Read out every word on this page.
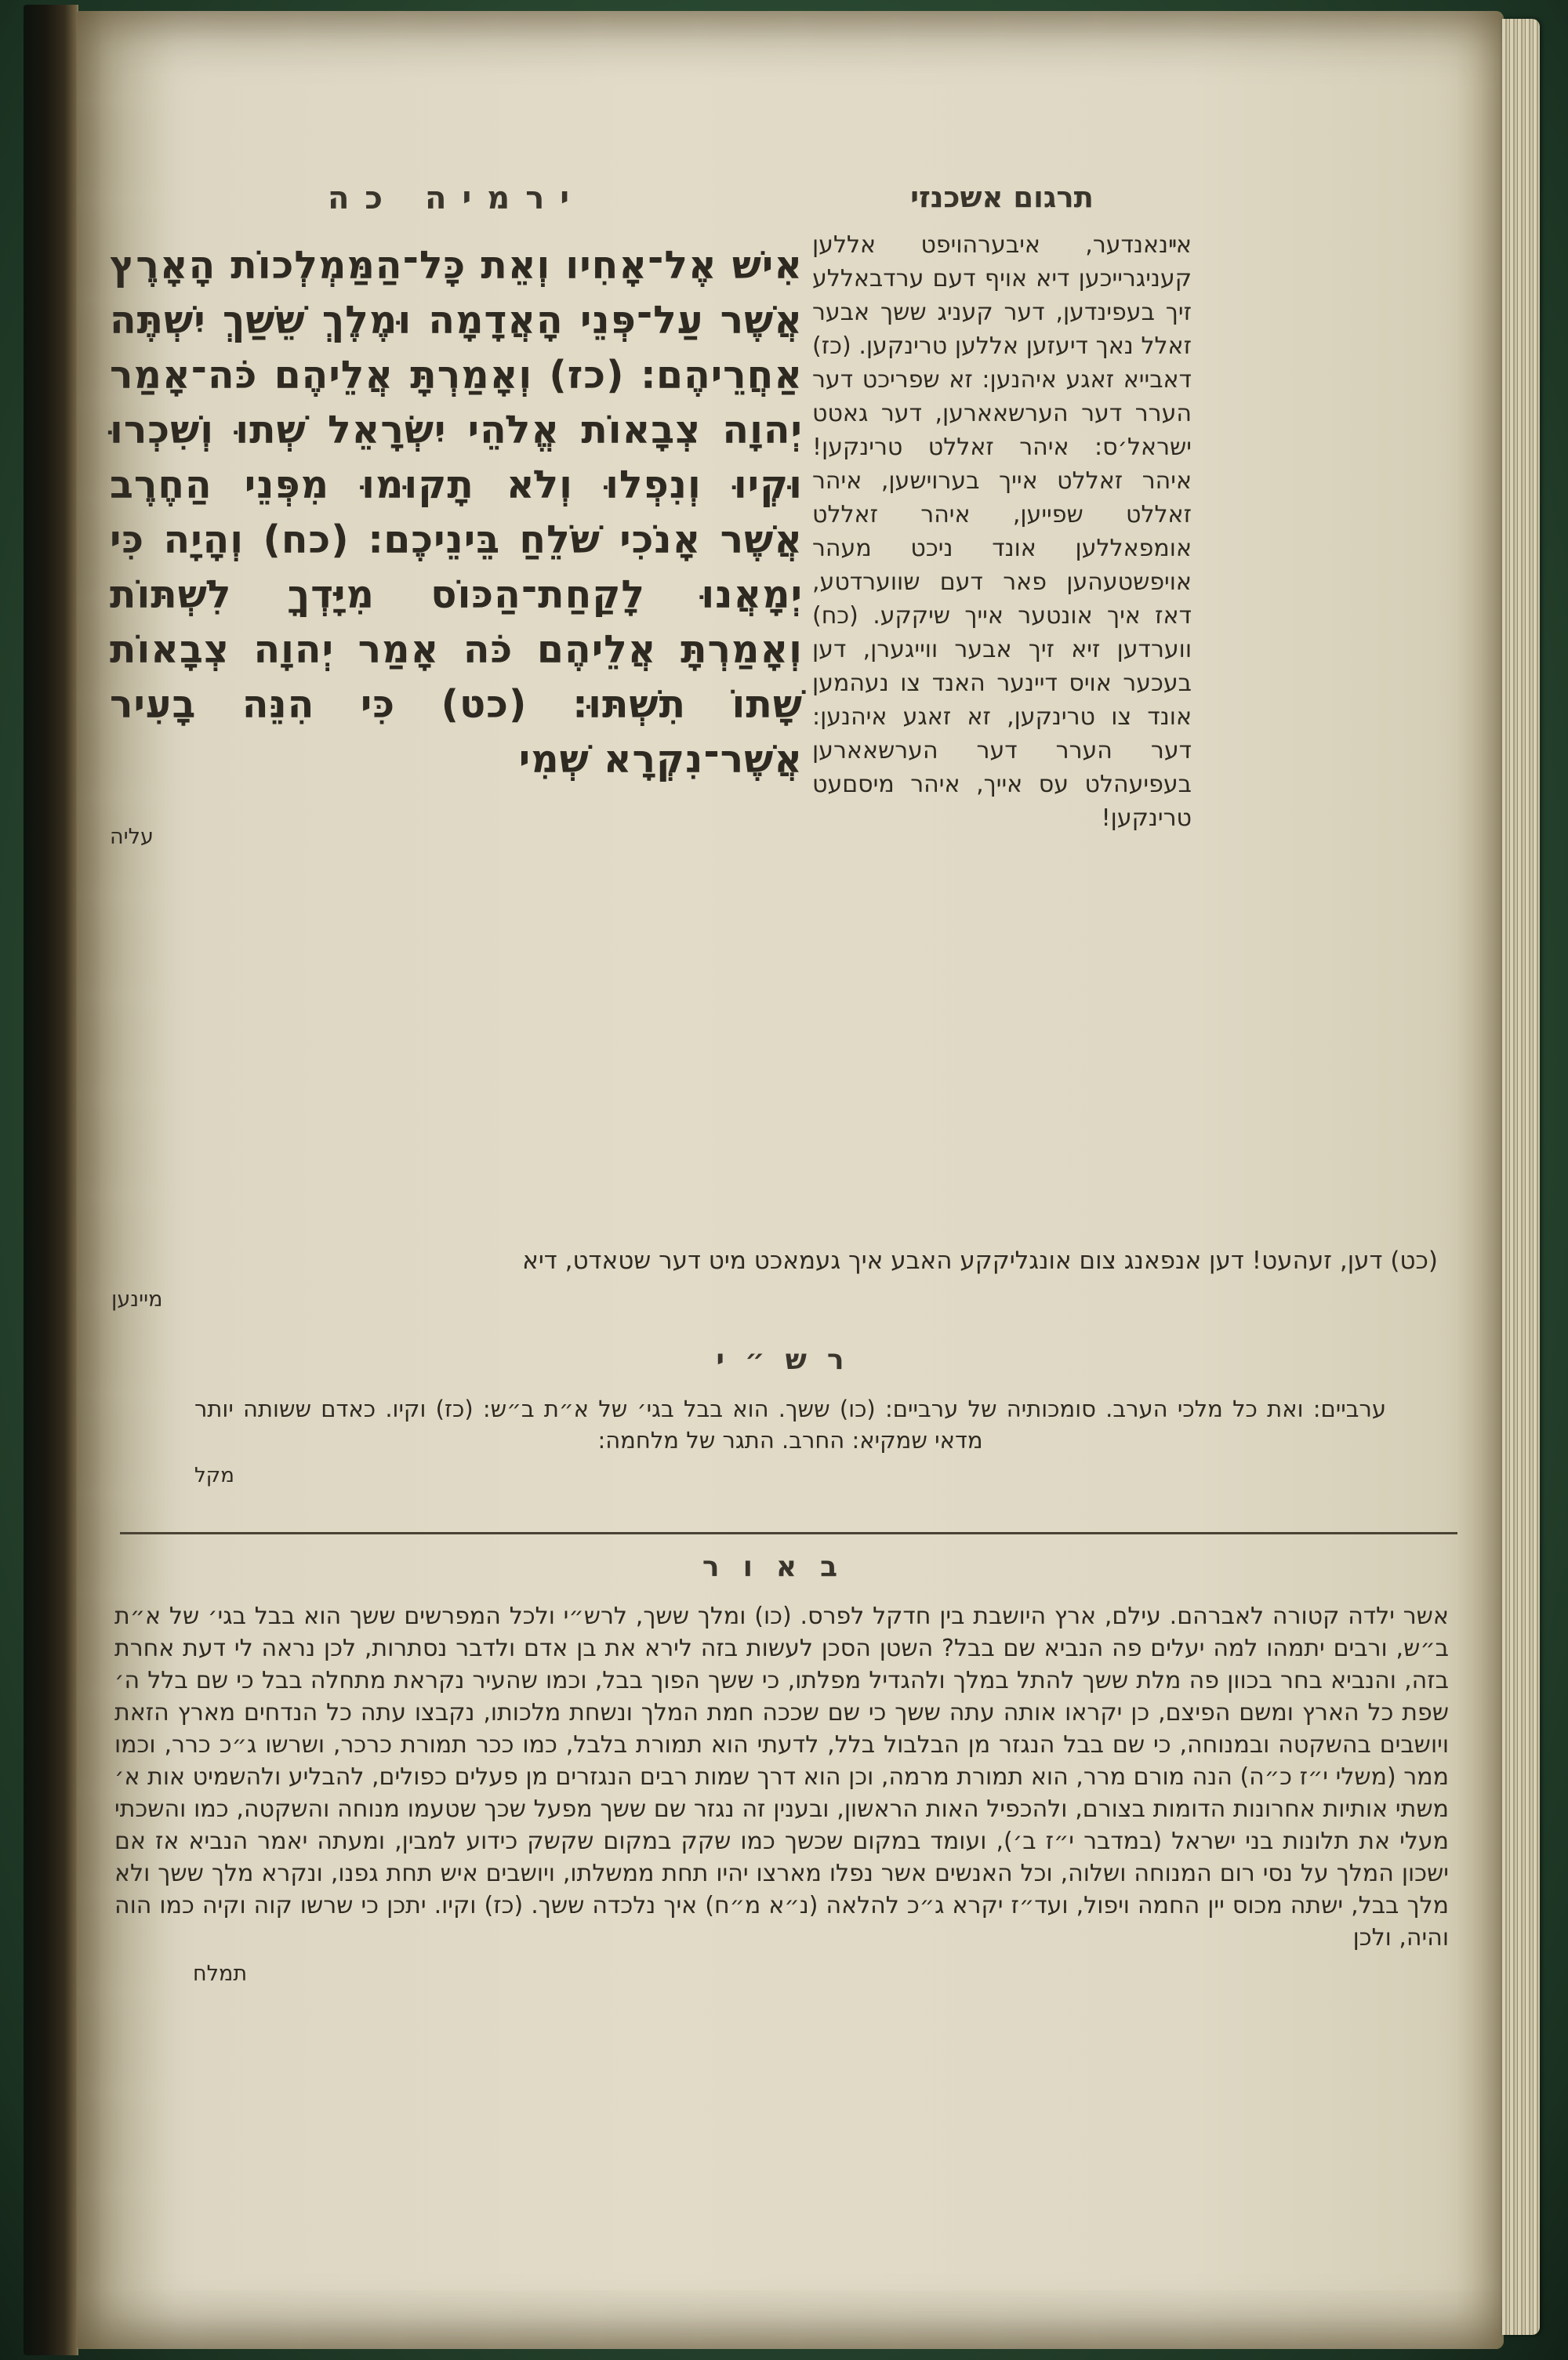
ירמיה כה
אִישׁ אֶל־אָחִיו וְאֵת כָּל־הַמַּמְלְכוֹת הָאָרֶץ אֲשֶׁר עַל־פְּנֵי הָאֲדָמָה וּמֶלֶךְ שֵׁשַׁךְ יִשְׁתֶּה אַחֲרֵיהֶם׃ (כז) וְאָמַרְתָּ אֲלֵיהֶם כֹּה־אָמַר יְהוָה צְבָאוֹת אֱלֹהֵי יִשְׂרָאֵל שְׁתוּ וְשִׁכְרוּ וּקְיוּ וְנִפְלוּ וְלֹא תָקוּמוּ מִפְּנֵי הַחֶרֶב אֲשֶׁר אָנֹכִי שֹׁלֵחַ בֵּינֵיכֶם׃ (כח) וְהָיָה כִּי יְמָאֲנוּ לָקַחַת־הַכּוֹס מִיָּדְךָ לִשְׁתּוֹת וְאָמַרְתָּ אֲלֵיהֶם כֹּה אָמַר יְהוָה צְבָאוֹת שָׁתוֹ תִשְׁתּוּ׃ (כט) כִּי הִנֵּה בָעִיר אֲשֶׁר־נִקְרָא שְׁמִי
עליה
תרגום אשכנזי
אײנאנדער, איבערהויפט אללען קעניגרייכען דיא אויף דעם ערדבאללע זיך בעפינדען, דער קעניג ששך אבער זאלל נאך דיעזען אללען טרינקען. (כז) דאבייא זאגע איהנען: זא שפריכט דער הערר דער הערשאארען, דער גאטט ישראל׳ס: איהר זאללט טרינקען! איהר זאללט אייך בערוישען, איהר זאללט שפייען, איהר זאללט אומפאללען אונד ניכט מעהר אויפשטעהען פאר דעם שווערדטע, דאז איך אונטער אייך שיקקע. (כח) ווערדען זיא זיך אבער ווייגערן, דען בעכער אויס דיינער האנד צו נעהמען אונד צו טרינקען, זא זאגע איהנען: דער הערר דער הערשאארען בעפיעהלט עס אייך, איהר מיסםעט טרינקען!
(כט) דען, זעהעט! דען אנפאנג צום אונגליקקע האבע איך געמאכט מיט דער שטאדט, דיא
מיינען
רש״י
ערביים: ואת כל מלכי הערב. סומכותיה של ערביים: (כו) ששך. הוא בבל בגי׳ של א״ת ב״ש: (כז) וקיו. כאדם ששותה יותר מדאי שמקיא: החרב. התגר של מלחמה:
מקל
באור
אשר ילדה קטורה לאברהם. עילם, ארץ היושבת בין חדקל לפרס. (כו) ומלך ששך, לרש״י ולכל המפרשים ששך הוא בבל בגי׳ של א״ת ב״ש, ורבים יתמהו למה יעלים פה הנביא שם בבל? השטן הסכן לעשות בזה לירא את בן אדם ולדבר נסתרות, לכן נראה לי דעת אחרת בזה, והנביא בחר בכוון פה מלת ששך להתל במלך ולהגדיל מפלתו, כי ששך הפוך בבל, וכמו שהעיר נקראת מתחלה בבל כי שם בלל ה׳ שפת כל הארץ ומשם הפיצם, כן יקראו אותה עתה ששך כי שם שככה חמת המלך ונשחת מלכותו, נקבצו עתה כל הנדחים מארץ הזאת ויושבים בהשקטה ובמנוחה, כי שם בבל הנגזר מן הבלבול בלל, לדעתי הוא תמורת בלבל, כמו ככר תמורת כרכר, ושרשו ג״כ כרר, וכמו ממר (משלי י״ז כ״ה) הנה מורם מרר, הוא תמורת מרמה, וכן הוא דרך שמות רבים הנגזרים מן פעלים כפולים, להבליע ולהשמיט אות א׳ משתי אותיות אחרונות הדומות בצורם, ולהכפיל האות הראשון, ובענין זה נגזר שם ששך מפעל שכך שטעמו מנוחה והשקטה, כמו והשכתי מעלי את תלונות בני ישראל (במדבר י״ז ב׳), ועומד במקום שכשך כמו שקק במקום שקשק כידוע למבין, ומעתה יאמר הנביא אז אם ישכון המלך על נסי רום המנוחה ושלוה, וכל האנשים אשר נפלו מארצו יהיו תחת ממשלתו, ויושבים איש תחת גפנו, ונקרא מלך ששך ולא מלך בבל, ישתה מכוס יין החמה ויפול, ועד״ז יקרא ג״כ להלאה (נ״א מ״ח) איך נלכדה ששך. (כז) וקיו. יתכן כי שרשו קוה וקיה כמו הוה והיה, ולכן
תמלח
